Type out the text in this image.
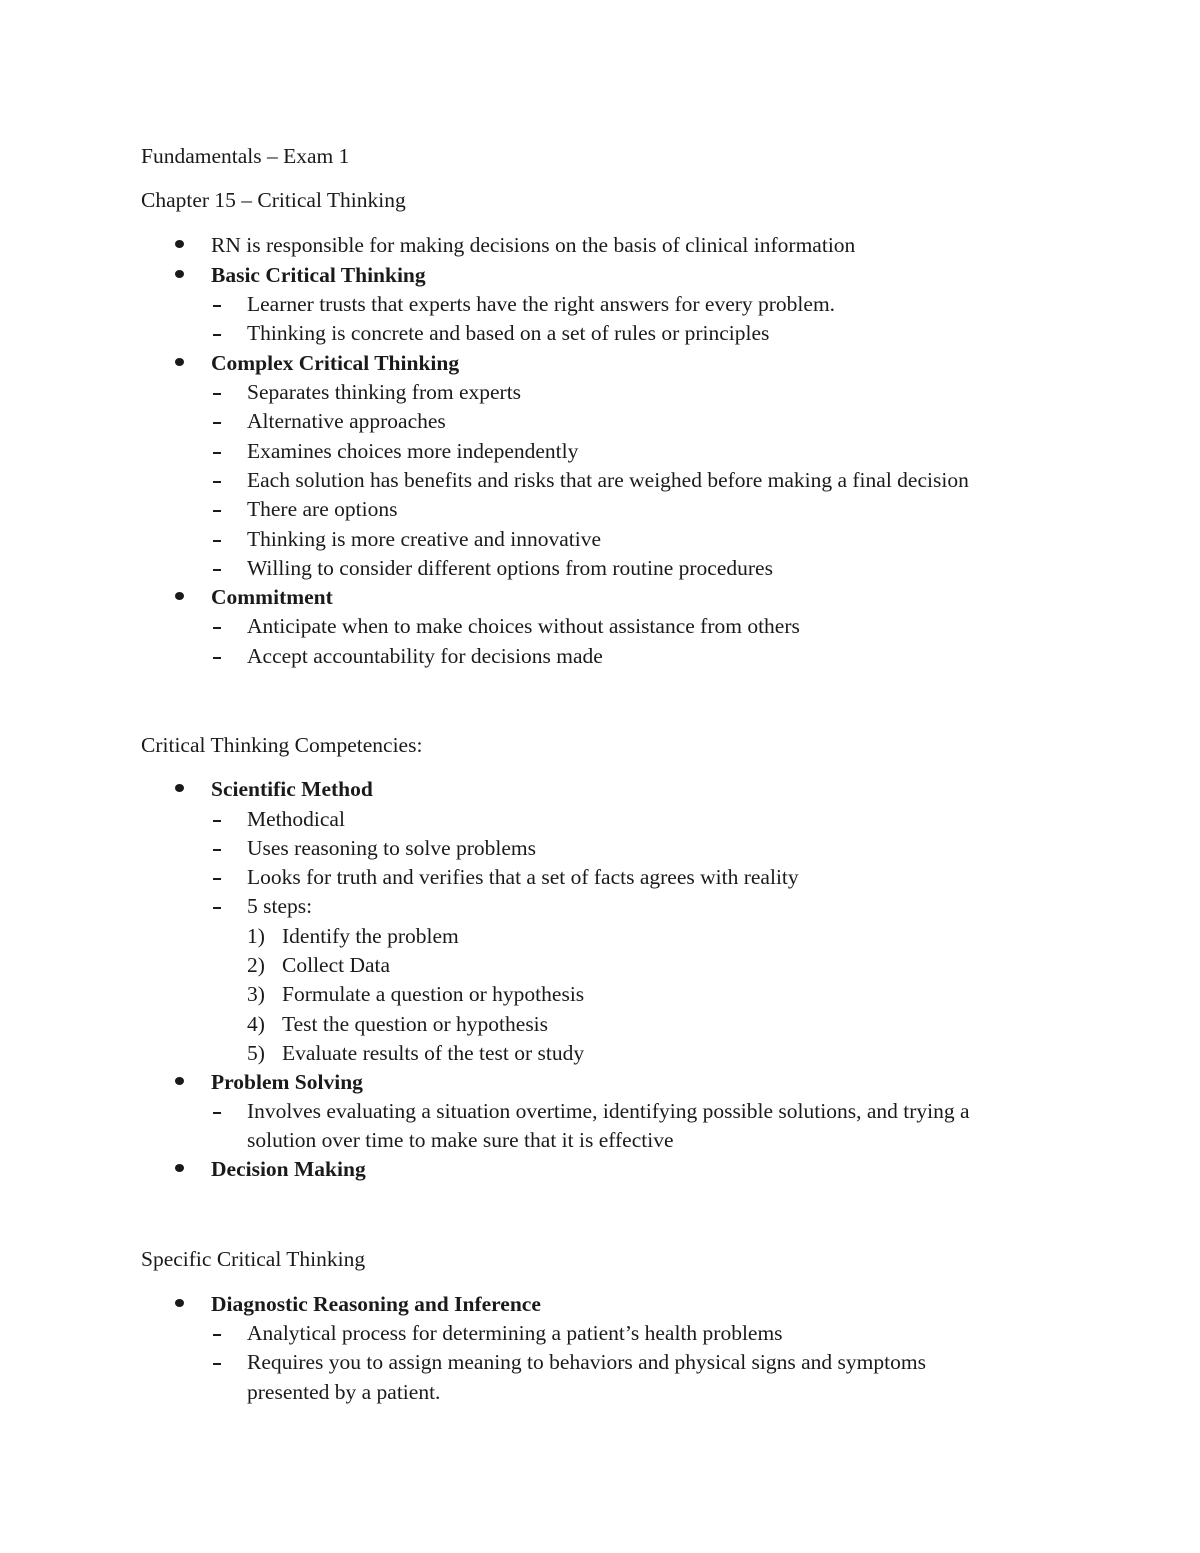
Fundamentals – Exam 1
Chapter 15 – Critical Thinking
RN is responsible for making decisions on the basis of clinical information
Basic Critical Thinking
Learner trusts that experts have the right answers for every problem.
Thinking is concrete and based on a set of rules or principles
Complex Critical Thinking
Separates thinking from experts
Alternative approaches
Examines choices more independently
Each solution has benefits and risks that are weighed before making a final decision
There are options
Thinking is more creative and innovative
Willing to consider different options from routine procedures
Commitment
Anticipate when to make choices without assistance from others
Accept accountability for decisions made
Critical Thinking Competencies:
Scientific Method
Methodical
Uses reasoning to solve problems
Looks for truth and verifies that a set of facts agrees with reality
5 steps:
1) Identify the problem
2) Collect Data
3) Formulate a question or hypothesis
4) Test the question or hypothesis
5) Evaluate results of the test or study
Problem Solving
Involves evaluating a situation overtime, identifying possible solutions, and trying a
solution over time to make sure that it is effective
Decision Making
Specific Critical Thinking
Diagnostic Reasoning and Inference
Analytical process for determining a patient’s health problems
Requires you to assign meaning to behaviors and physical signs and symptoms
presented by a patient.
